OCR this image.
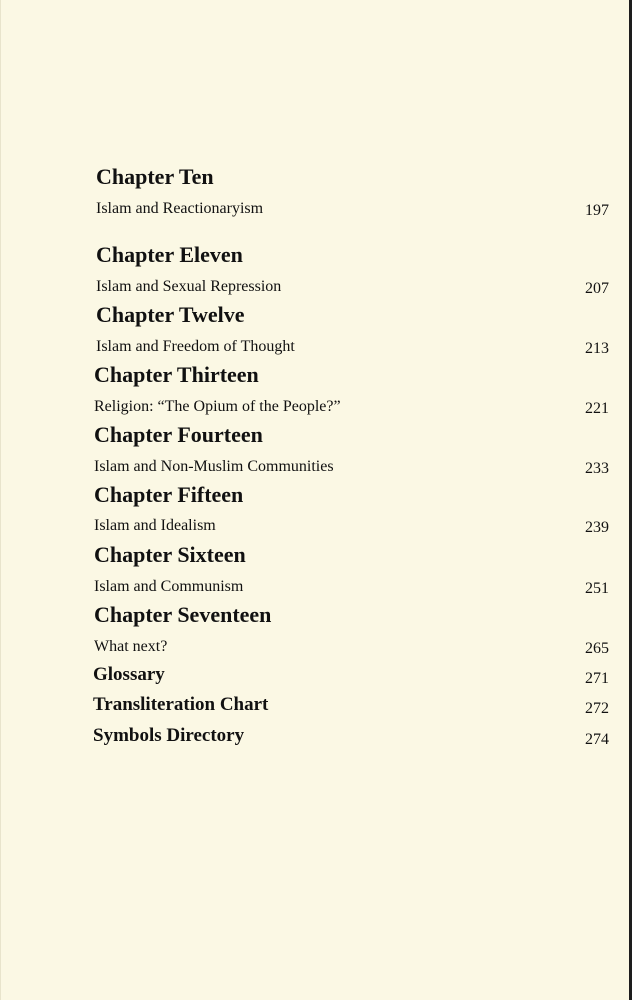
Chapter Ten
Islam and Reactionaryism	197
Chapter Eleven
Islam and Sexual Repression	207
Chapter Twelve
Islam and Freedom of Thought	213
Chapter Thirteen
Religion: “The Opium of the People?”	221
Chapter Fourteen
Islam and Non-Muslim Communities	233
Chapter Fifteen
Islam and Idealism	239
Chapter Sixteen
Islam and Communism	251
Chapter Seventeen
What next?	265
Glossary	271
Transliteration Chart	272
Symbols Directory	274
